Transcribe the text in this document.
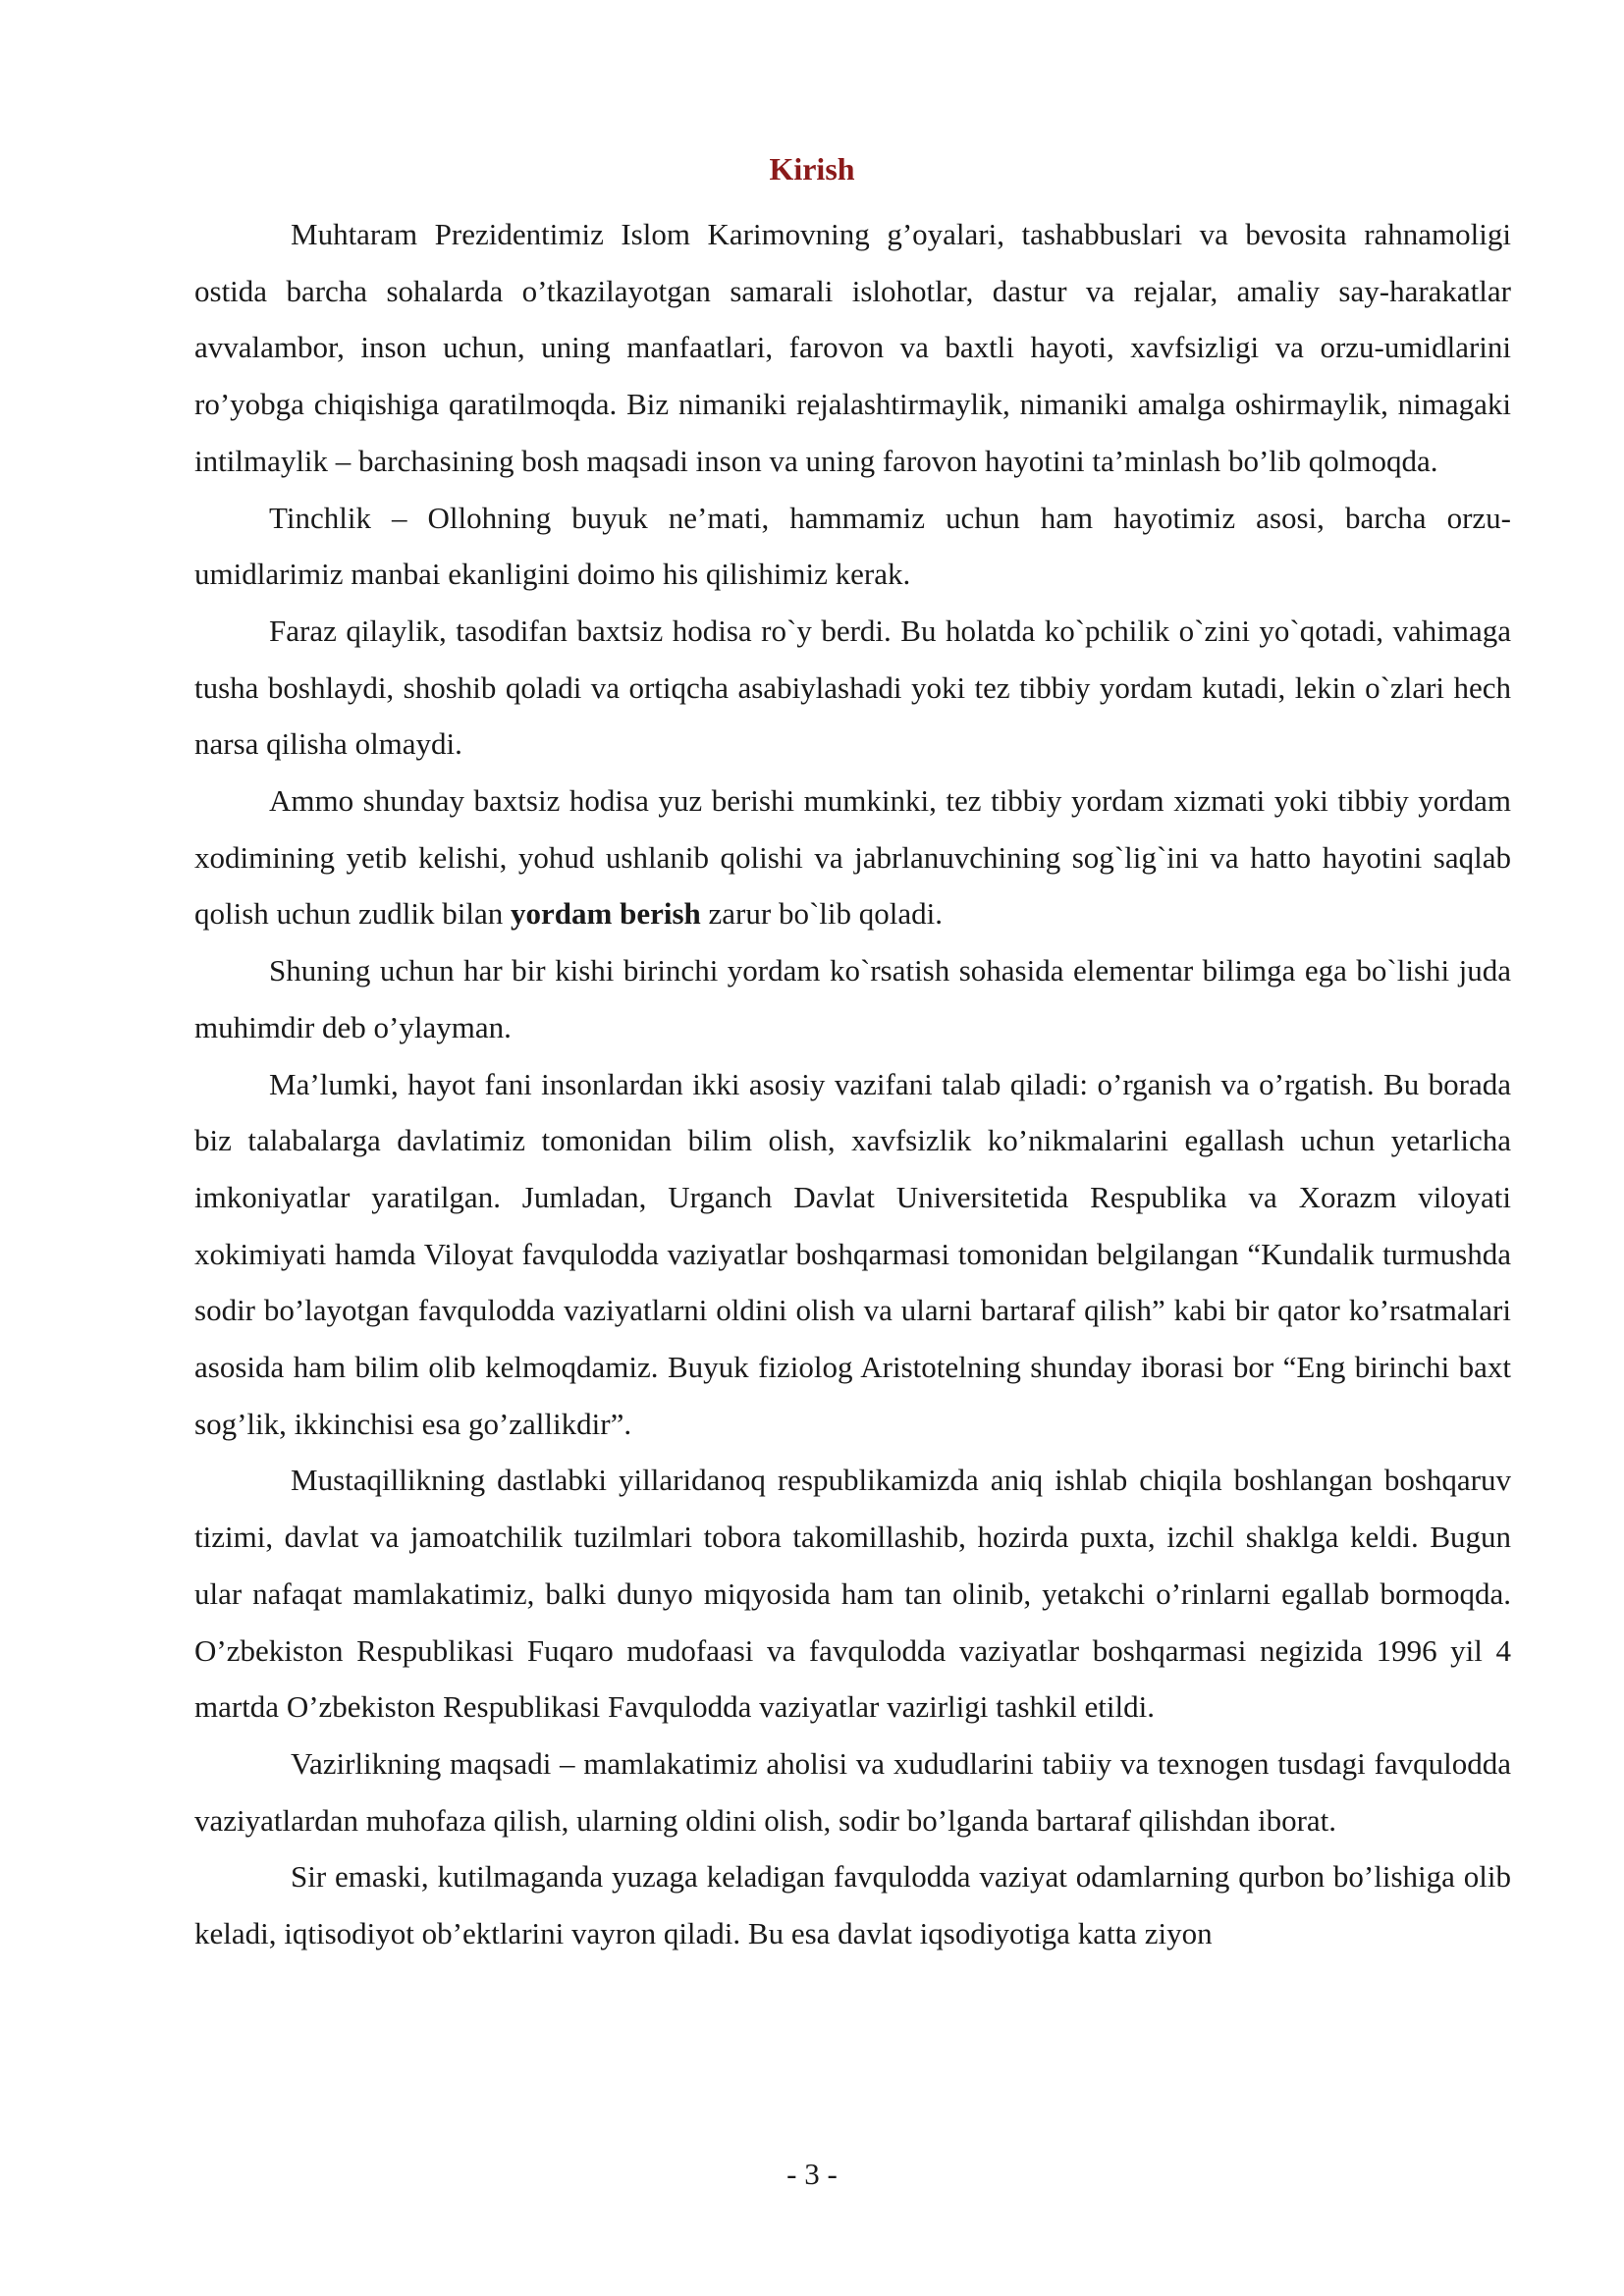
Kirish

Muhtaram Prezidentimiz Islom Karimovning g’oyalari, tashabbuslari va bevosita rahnamoligi ostida barcha sohalarda o’tkazilayotgan samarali islohotlar, dastur va rejalar, amaliy say-harakatlar avvalambor, inson uchun, uning manfaatlari, farovon va baxtli hayoti, xavfsizligi va orzu-umidlarini ro’yobga chiqishiga qaratilmoqda. Biz nimaniki rejalashtirmaylik, nimaniki amalga oshirmaylik, nimagaki intilmaylik – barchasining bosh maqsadi inson va uning farovon hayotini ta’minlash bo’lib qolmoqda.

Tinchlik – Ollohning buyuk ne’mati, hammamiz uchun ham hayotimiz asosi, barcha orzu-umidlarimiz manbai ekanligini doimo his qilishimiz kerak.

Faraz qilaylik, tasodifan baxtsiz hodisa ro`y berdi. Bu holatda ko`pchilik o`zini yo`qotadi, vahimaga tusha boshlaydi, shoshib qoladi va ortiqcha asabiylashadi yoki tez tibbiy yordam kutadi, lekin o`zlari hech narsa qilisha olmaydi.

Ammo shunday baxtsiz hodisa yuz berishi mumkinki, tez tibbiy yordam xizmati yoki tibbiy yordam xodimining yetib kelishi, yohud ushlanib qolishi va jabrlanuvchining sog`lig`ini va hatto hayotini saqlab qolish uchun zudlik bilan yordam berish zarur bo`lib qoladi.

Shuning uchun har bir kishi birinchi yordam ko`rsatish sohasida elementar bilimga ega bo`lishi juda muhimdir deb o’ylayman.

Ma’lumki, hayot fani insonlardan ikki asosiy vazifani talab qiladi: o’rganish va o’rgatish. Bu borada biz talabalarga davlatimiz tomonidan bilim olish, xavfsizlik ko’nikmalarini egallash uchun yetarlicha imkoniyatlar yaratilgan. Jumladan, Urganch Davlat Universitetida Respublika va Xorazm viloyati xokimiyati hamda Viloyat favqulodda vaziyatlar boshqarmasi tomonidan belgilangan “Kundalik turmushda sodir bo’layotgan favqulodda vaziyatlarni oldini olish va ularni bartaraf qilish” kabi bir qator ko’rsatmalari asosida ham bilim olib kelmoqdamiz. Buyuk fiziolog Aristotelning shunday iborasi bor “Eng birinchi baxt sog’lik, ikkinchisi esa go’zallikdir”.

Mustaqillikning dastlabki yillaridanoq respublikamizda aniq ishlab chiqila boshlangan boshqaruv tizimi, davlat va jamoatchilik tuzilmlari tobora takomillashib, hozirda puxta, izchil shaklga keldi. Bugun ular nafaqat mamlakatimiz, balki dunyo miqyosida ham tan olinib, yetakchi o’rinlarni egallab bormoqda. O’zbekiston Respublikasi Fuqaro mudofaasi va favqulodda vaziyatlar boshqarmasi negizida 1996 yil 4 martda O’zbekiston Respublikasi Favqulodda vaziyatlar vazirligi tashkil etildi.

Vazirlikning maqsadi – mamlakatimiz aholisi va xududlarini tabiiy va texnogen tusdagi favqulodda vaziyatlardan muhofaza qilish, ularning oldini olish, sodir bo’lganda bartaraf qilishdan iborat.

Sir emaski, kutilmaganda yuzaga keladigan favqulodda vaziyat odamlarning qurbon bo’lishiga olib keladi, iqtisodiyot ob’ektlarini vayron qiladi. Bu esa davlat iqsodiyotiga katta ziyon

- 3 -
